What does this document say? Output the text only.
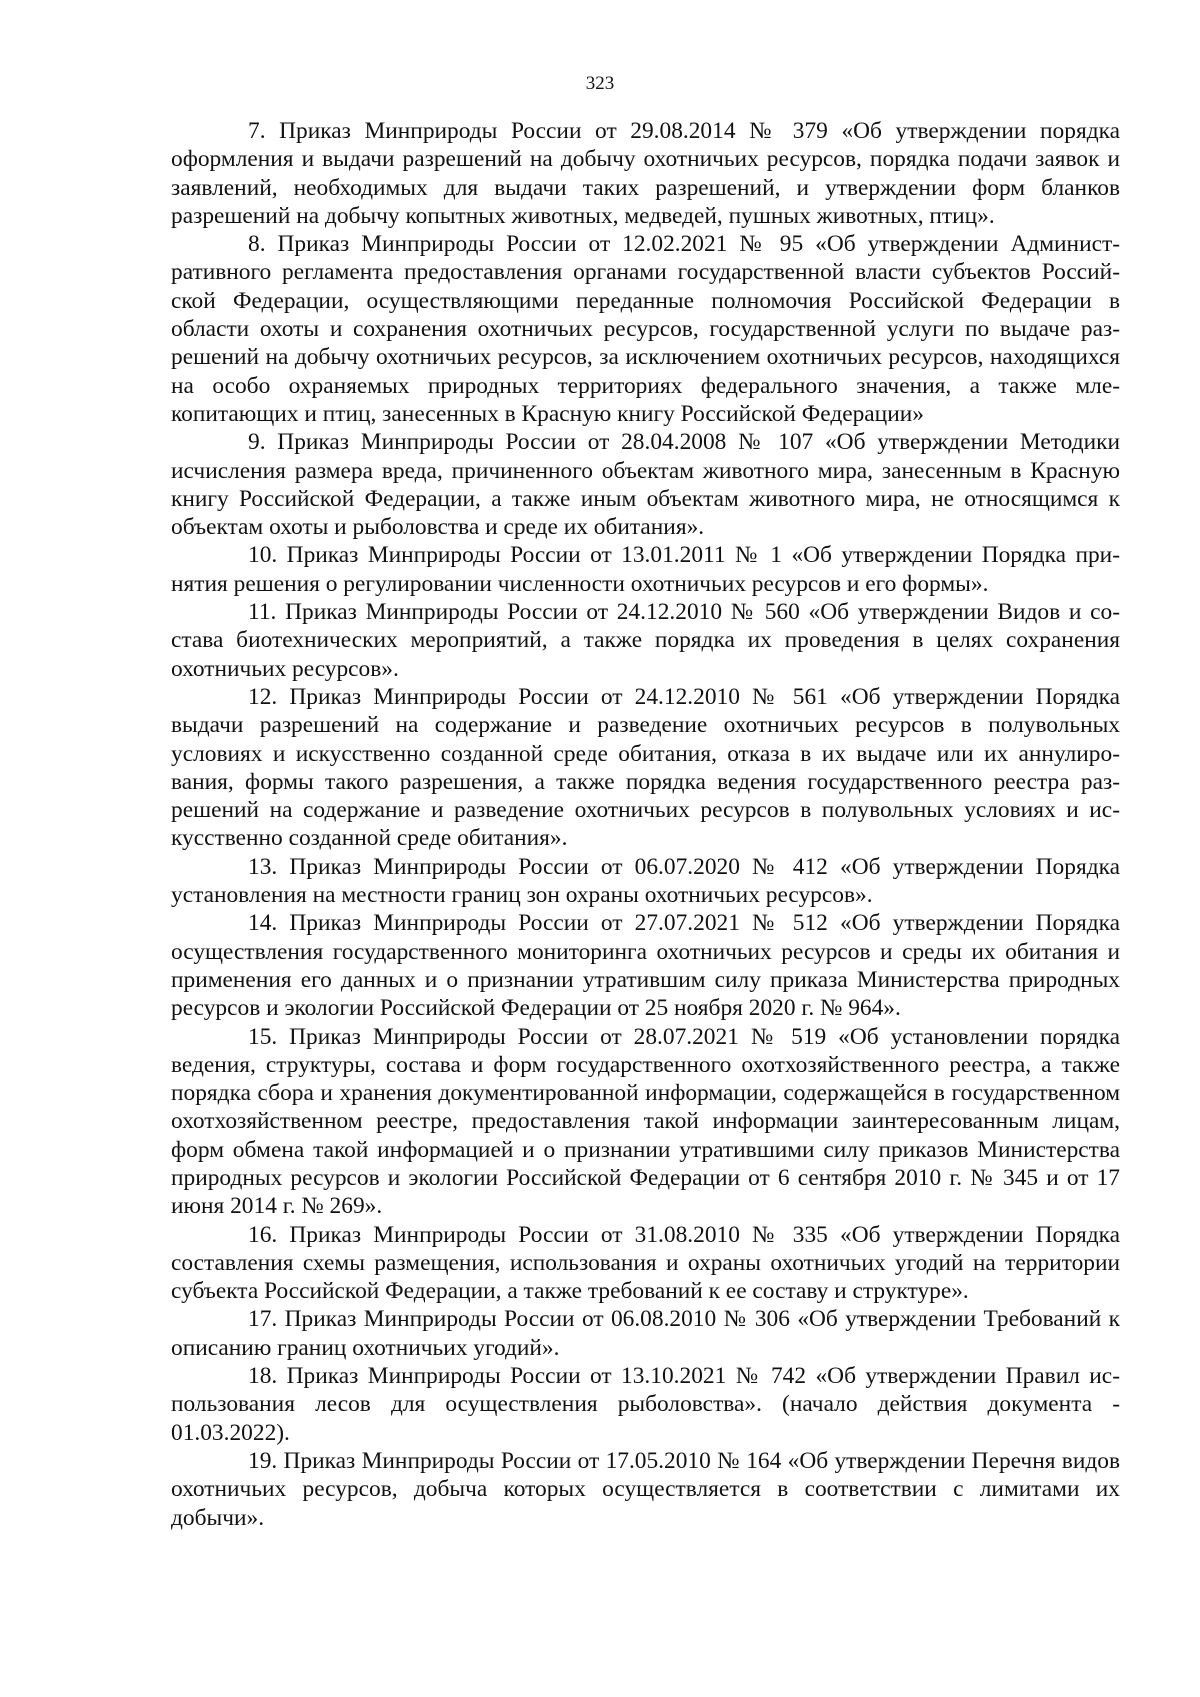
323

7. Приказ Минприроды России от 29.08.2014 № 379 «Об утверждении порядка оформления и выдачи разрешений на добычу охотничьих ресурсов, порядка подачи заявок и заявлений, необходимых для выдачи таких разрешений, и утверждении форм бланков разрешений на добычу копытных животных, медведей, пушных животных, птиц».

8. Приказ Минприроды России от 12.02.2021 № 95 «Об утверждении Административного регламента предоставления органами государственной власти субъектов Российской Федерации, осуществляющими переданные полномочия Российской Федерации в области охоты и сохранения охотничьих ресурсов, государственной услуги по выдаче разрешений на добычу охотничьих ресурсов, за исключением охотничьих ресурсов, находящихся на особо охраняемых природных территориях федерального значения, а также млекопитающих и птиц, занесенных в Красную книгу Российской Федерации»

9. Приказ Минприроды России от 28.04.2008 № 107 «Об утверждении Методики исчисления размера вреда, причиненного объектам животного мира, занесенным в Красную книгу Российской Федерации, а также иным объектам животного мира, не относящимся к объектам охоты и рыболовства и среде их обитания».

10. Приказ Минприроды России от 13.01.2011 № 1 «Об утверждении Порядка принятия решения о регулировании численности охотничьих ресурсов и его формы».

11. Приказ Минприроды России от 24.12.2010 № 560 «Об утверждении Видов и состава биотехнических мероприятий, а также порядка их проведения в целях сохранения охотничьих ресурсов».

12. Приказ Минприроды России от 24.12.2010 № 561 «Об утверждении Порядка выдачи разрешений на содержание и разведение охотничьих ресурсов в полувольных условиях и искусственно созданной среде обитания, отказа в их выдаче или их аннулирования, формы такого разрешения, а также порядка ведения государственного реестра разрешений на содержание и разведение охотничьих ресурсов в полувольных условиях и искусственно созданной среде обитания».

13. Приказ Минприроды России от 06.07.2020 № 412 «Об утверждении Порядка установления на местности границ зон охраны охотничьих ресурсов».

14. Приказ Минприроды России от 27.07.2021 № 512 «Об утверждении Порядка осуществления государственного мониторинга охотничьих ресурсов и среды их обитания и применения его данных и о признании утратившим силу приказа Министерства природных ресурсов и экологии Российской Федерации от 25 ноября 2020 г. № 964».

15. Приказ Минприроды России от 28.07.2021 № 519 «Об установлении порядка ведения, структуры, состава и форм государственного охотхозяйственного реестра, а также порядка сбора и хранения документированной информации, содержащейся в государственном охотхозяйственном реестре, предоставления такой информации заинтересованным лицам, форм обмена такой информацией и о признании утратившими силу приказов Министерства природных ресурсов и экологии Российской Федерации от 6 сентября 2010 г. № 345 и от 17 июня 2014 г. № 269».

16. Приказ Минприроды России от 31.08.2010 № 335 «Об утверждении Порядка составления схемы размещения, использования и охраны охотничьих угодий на территории субъекта Российской Федерации, а также требований к ее составу и структуре».

17. Приказ Минприроды России от 06.08.2010 № 306 «Об утверждении Требований к описанию границ охотничьих угодий».

18. Приказ Минприроды России от 13.10.2021 № 742 «Об утверждении Правил использования лесов для осуществления рыболовства». (начало действия документа - 01.03.2022).

19. Приказ Минприроды России от 17.05.2010 № 164 «Об утверждении Перечня видов охотничьих ресурсов, добыча которых осуществляется в соответствии с лимитами их добычи».
